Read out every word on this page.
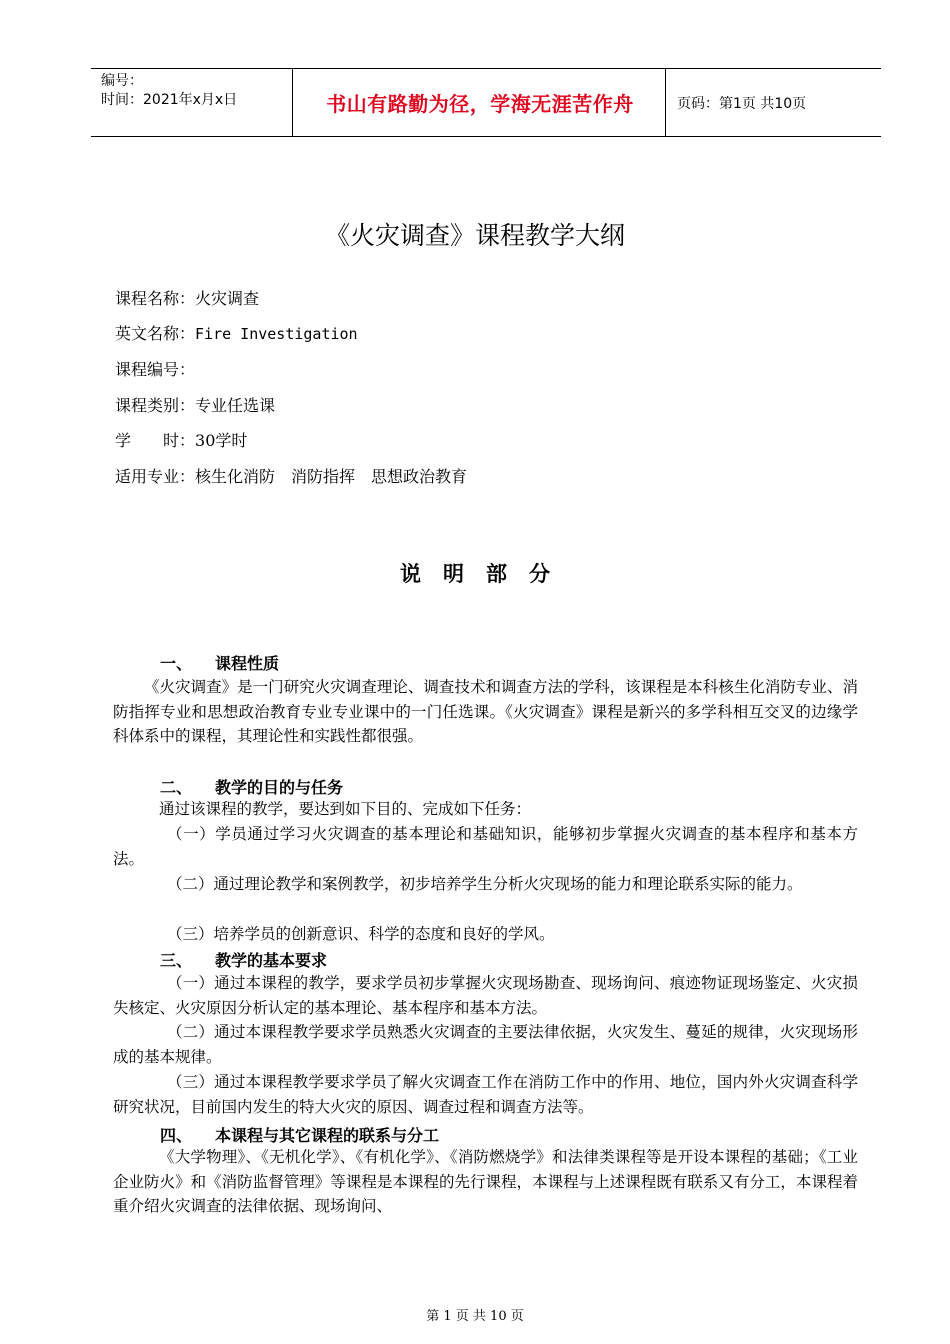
编号：
时间：2021年x月x日	书山有路勤为径，学海无涯苦作舟	页码：第1页 共10页
《火灾调查》课程教学大纲
课程名称：火灾调查
英文名称：Fire Investigation
课程编号：
课程类别：专业任选课
学　　时：30学时
适用专业：核生化消防　消防指挥　思想政治教育
说明部分
一、 课程性质
《火灾调查》是一门研究火灾调查理论、调查技术和调查方法的学科，该课程是本科核生化消防专业、消防指挥专业和思想政治教育专业专业课中的一门任选课。《火灾调查》课程是新兴的多学科相互交叉的边缘学科体系中的课程，其理论性和实践性都很强。
二、 教学的目的与任务
通过该课程的教学，要达到如下目的、完成如下任务：
（一）学员通过学习火灾调查的基本理论和基础知识，能够初步掌握火灾调查的基本程序和基本方法。
（二）通过理论教学和案例教学，初步培养学生分析火灾现场的能力和理论联系实际的能力。
（三）培养学员的创新意识、科学的态度和良好的学风。
三、 教学的基本要求
（一）通过本课程的教学，要求学员初步掌握火灾现场勘查、现场询问、痕迹物证现场鉴定、火灾损失核定、火灾原因分析认定的基本理论、基本程序和基本方法。
（二）通过本课程教学要求学员熟悉火灾调查的主要法律依据，火灾发生、蔓延的规律，火灾现场形成的基本规律。
（三）通过本课程教学要求学员了解火灾调查工作在消防工作中的作用、地位，国内外火灾调查科学研究状况，目前国内发生的特大火灾的原因、调查过程和调查方法等。
四、 本课程与其它课程的联系与分工
《大学物理》、《无机化学》、《有机化学》、《消防燃烧学》和法律类课程等是开设本课程的基础；《工业企业防火》和《消防监督管理》等课程是本课程的先行课程，本课程与上述课程既有联系又有分工，本课程着重介绍火灾调查的法律依据、现场询问、
第 1 页 共 10 页
